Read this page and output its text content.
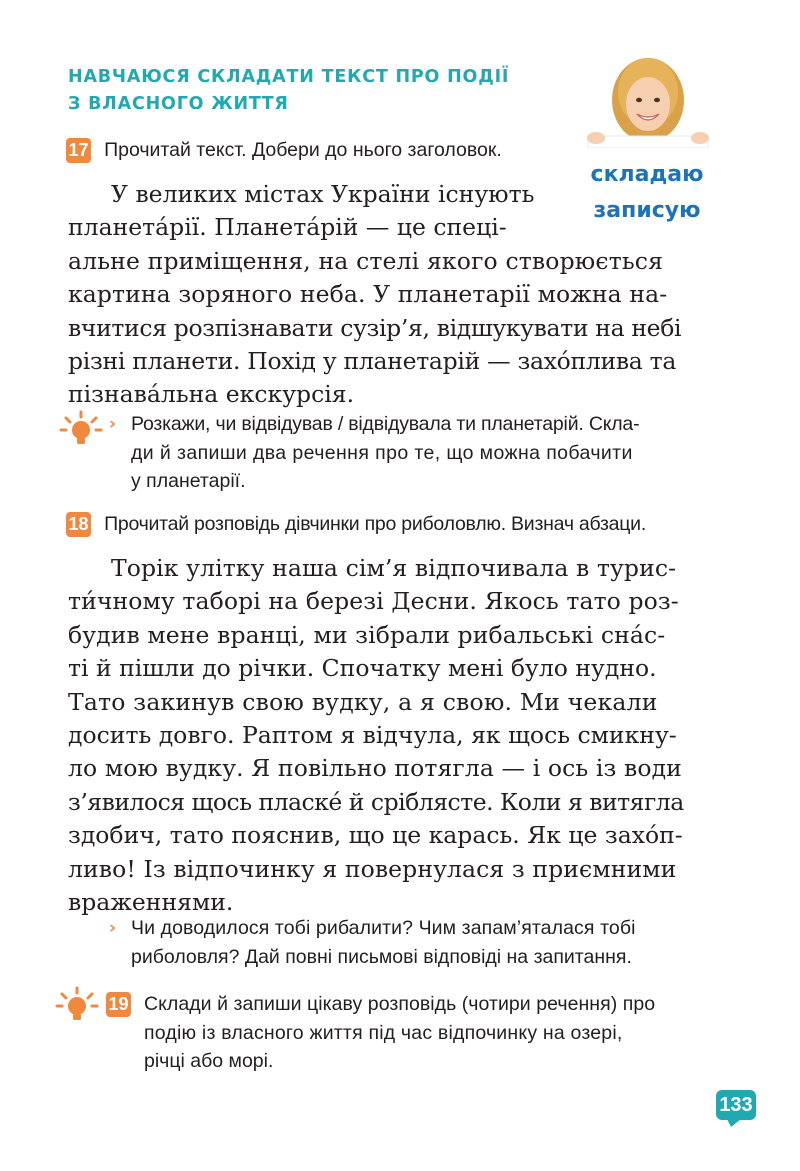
НАВЧАЮСЯ СКЛАДАТИ ТЕКСТ ПРО ПОДІЇ
З ВЛАСНОГО ЖИТТЯ
складаю
записую
17 Прочитай текст. Добери до нього заголовок.
У великих містах України існують
планетáрії. Планетáрій — це спеці-
альне приміщення, на стелі якого створюється
картина зоряного неба. У планетарії можна на-
вчитися розпізнавати сузір’я, відшукувати на небі
різні планети. Похід у планетарій — захóплива та
пізнавáльна екскурсія.
› Розкажи, чи відвідував / відвідувала ти планетарій. Скла-
ди й запиши два речення про те, що можна побачити
у планетарії.
18 Прочитай розповідь дівчинки про риболовлю. Визнач абзаци.
Торік улітку наша сім’я відпочивала в турис-
ти́чному таборі на березі Десни. Якось тато роз-
будив мене вранці, ми зібрали рибальські снáс-
ті й пішли до річки. Спочатку мені було нудно.
Тато закинув свою вудку, а я свою. Ми чекали
досить довго. Раптом я відчула, як щось смикну-
ло мою вудку. Я повільно потягла — і ось із води
з’явилося щось пласке́ й сріблястe. Коли я витягла
здобич, тато пояснив, що це карась. Як це захóп-
ливо! Із відпочинку я повернулася з приємними
враженнями.
› Чи доводилося тобі рибалити? Чим запам’яталася тобі
риболовля? Дай повні письмові відповіді на запитання.
19 Склади й запиши цікаву розповідь (чотири речення) про
подію із власного життя під час відпочинку на озері,
річці або морі.
133
